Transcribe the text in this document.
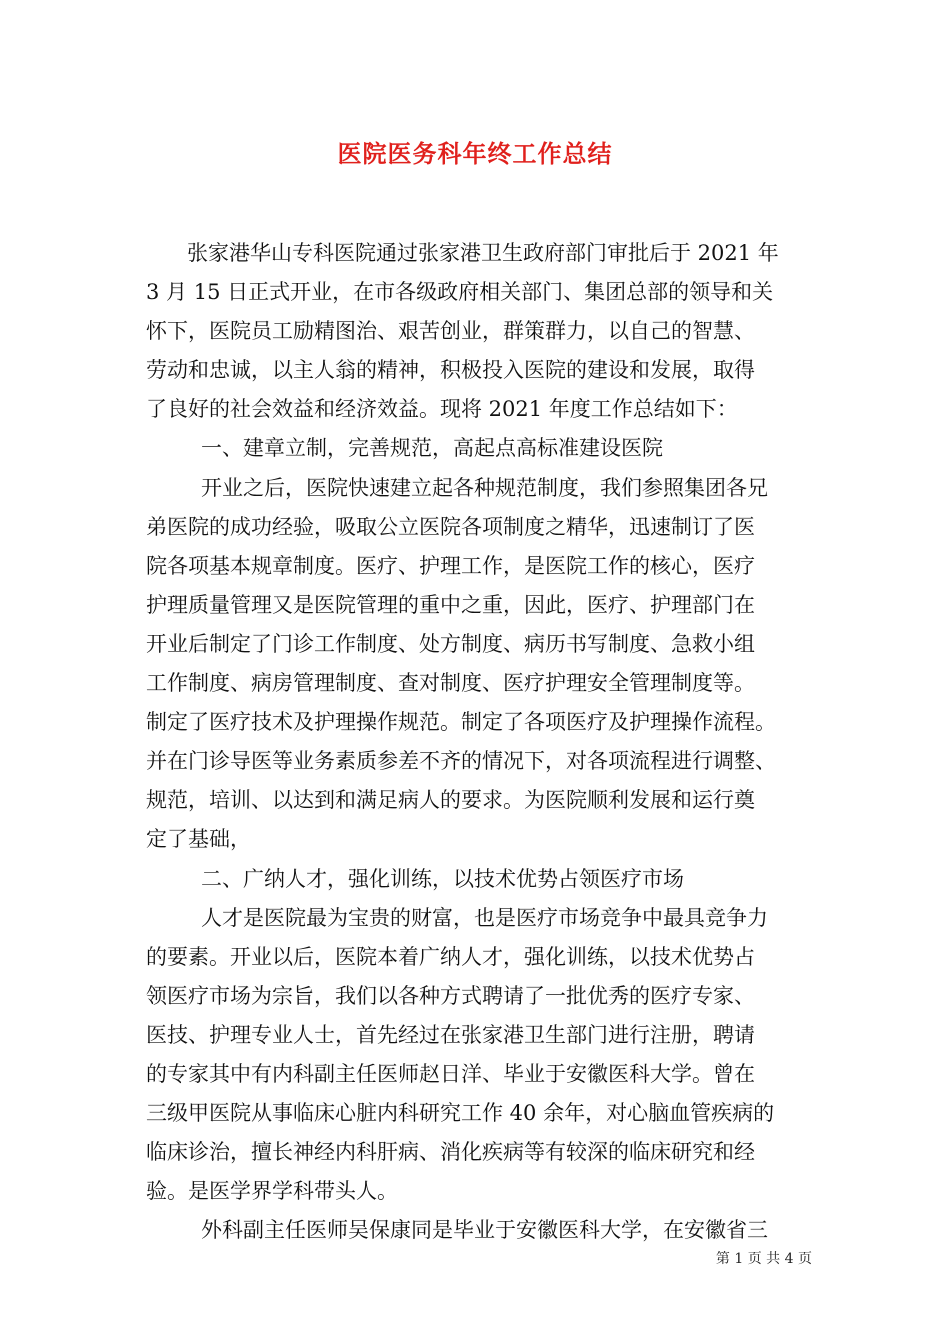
医院医务科年终工作总结
张家港华山专科医院通过张家港卫生政府部门审批后于 2021 年
3 月 15 日正式开业，在市各级政府相关部门、集团总部的领导和关
怀下，医院员工励精图治、艰苦创业，群策群力，以自己的智慧、
劳动和忠诚，以主人翁的精神，积极投入医院的建设和发展，取得
了良好的社会效益和经济效益。现将 2021 年度工作总结如下：
一、建章立制，完善规范，高起点高标准建设医院
开业之后，医院快速建立起各种规范制度，我们参照集团各兄
弟医院的成功经验，吸取公立医院各项制度之精华，迅速制订了医
院各项基本规章制度。医疗、护理工作，是医院工作的核心，医疗
护理质量管理又是医院管理的重中之重，因此，医疗、护理部门在
开业后制定了门诊工作制度、处方制度、病历书写制度、急救小组
工作制度、病房管理制度、查对制度、医疗护理安全管理制度等。
制定了医疗技术及护理操作规范。制定了各项医疗及护理操作流程。
并在门诊导医等业务素质参差不齐的情况下，对各项流程进行调整、
规范，培训、以达到和满足病人的要求。为医院顺利发展和运行奠
定了基础，
二、广纳人才，强化训练，以技术优势占领医疗市场
人才是医院最为宝贵的财富，也是医疗市场竞争中最具竞争力
的要素。开业以后，医院本着广纳人才，强化训练，以技术优势占
领医疗市场为宗旨，我们以各种方式聘请了一批优秀的医疗专家、
医技、护理专业人士，首先经过在张家港卫生部门进行注册，聘请
的专家其中有内科副主任医师赵日洋、毕业于安徽医科大学。曾在
三级甲医院从事临床心脏内科研究工作 40 余年，对心脑血管疾病的
临床诊治，擅长神经内科肝病、消化疾病等有较深的临床研究和经
验。是医学界学科带头人。
外科副主任医师吴保康同是毕业于安徽医科大学，在安徽省三
第 1 页 共 4 页
